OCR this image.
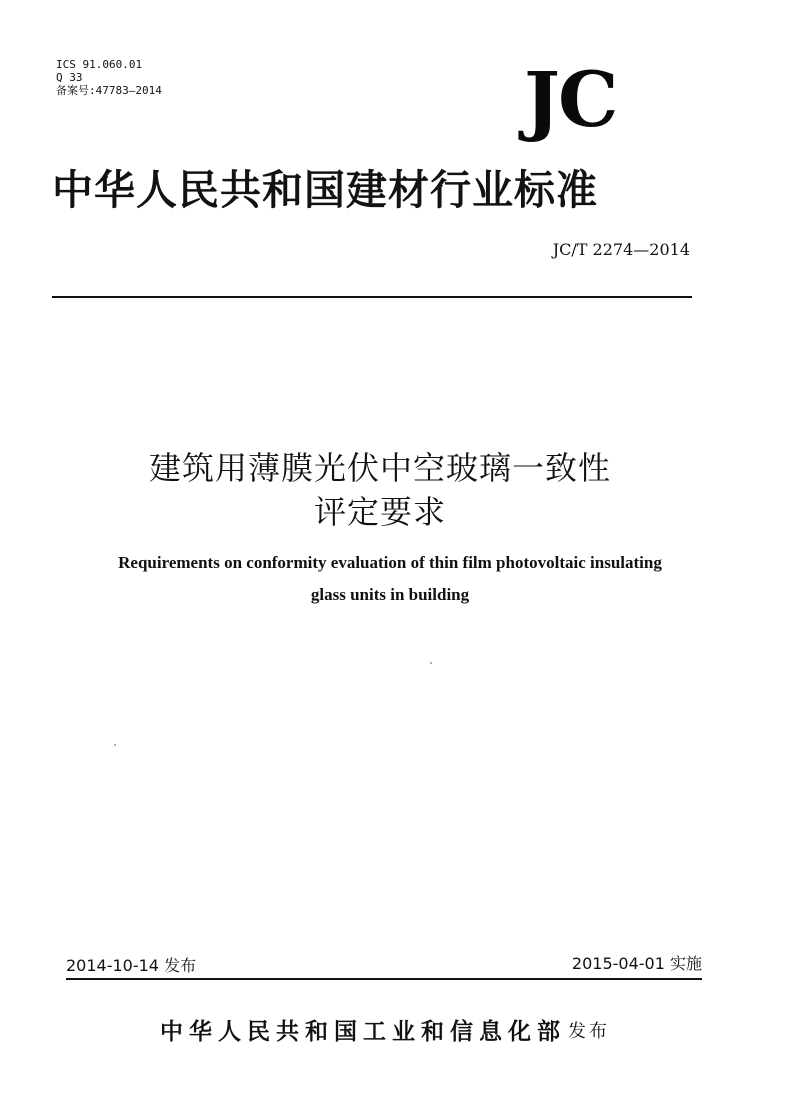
ICS 91.060.01
Q 33
备案号:47783—2014	JC
中华人民共和国建材行业标准
JC/T 2274—2014
建筑用薄膜光伏中空玻璃一致性
评定要求
Requirements on conformity evaluation of thin film photovoltaic insulating
glass units in building
2014-10-14 发布	2015-04-01 实施
中华人民共和国工业和信息化部 发布
